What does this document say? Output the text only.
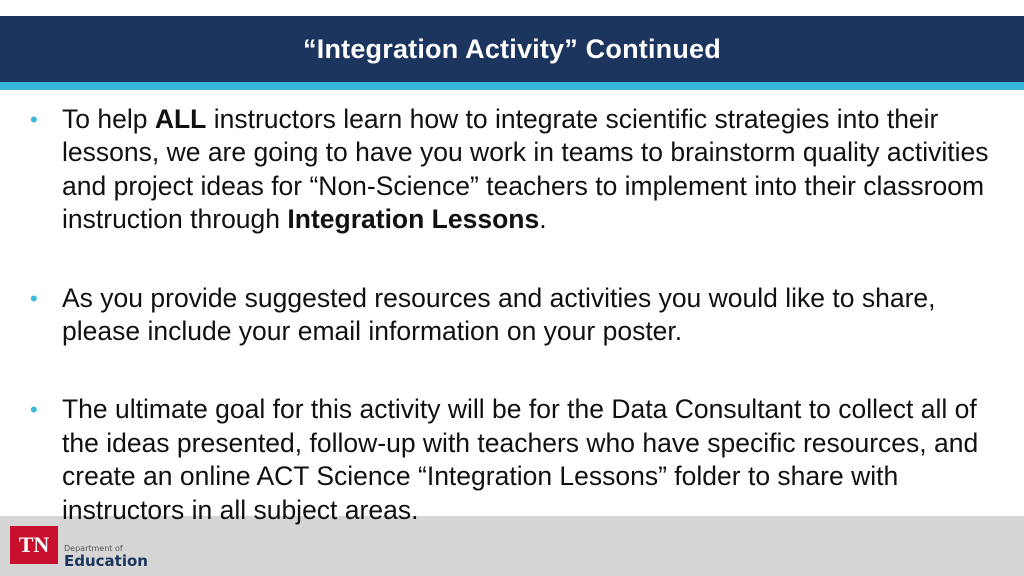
“Integration Activity” Continued
TN	Department of
Education
• To help ALL instructors learn how to integrate scientific strategies into their lessons, we are going to have you work in teams to brainstorm quality activities and project ideas for “Non-Science” teachers to implement into their classroom instruction through Integration Lessons.
• As you provide suggested resources and activities you would like to share, please include your email information on your poster.
• The ultimate goal for this activity will be for the Data Consultant to collect all of the ideas presented, follow-up with teachers who have specific resources, and create an online ACT Science “Integration Lessons” folder to share with instructors in all subject areas.
